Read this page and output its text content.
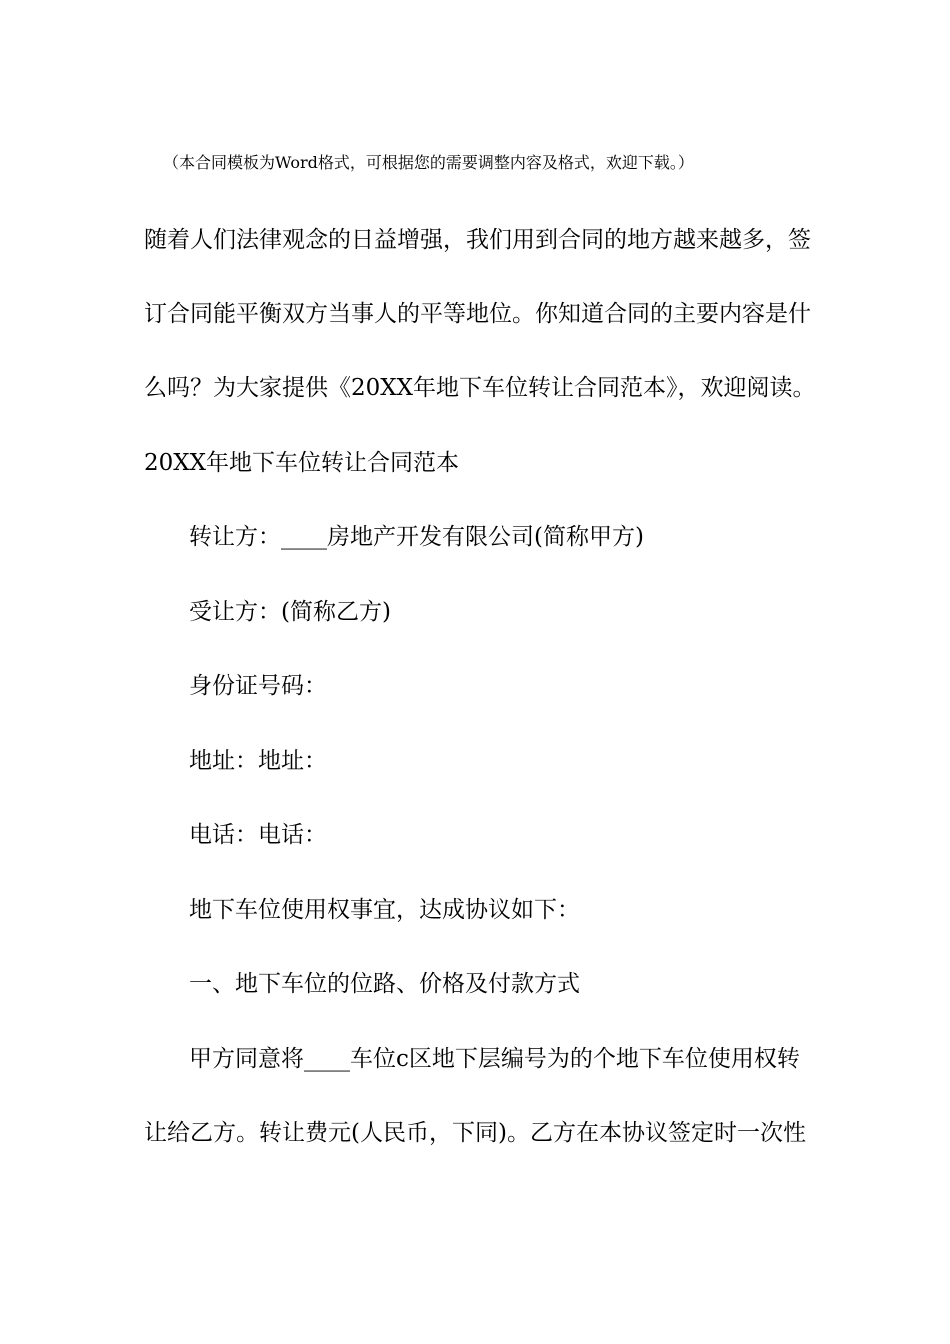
（本合同模板为Word格式，可根据您的需要调整内容及格式，欢迎下载。）
随着人们法律观念的日益增强，我们用到合同的地方越来越多，签
订合同能平衡双方当事人的平等地位。你知道合同的主要内容是什
么吗？为大家提供《20XX年地下车位转让合同范本》，欢迎阅读。
20XX年地下车位转让合同范本
转让方：____房地产开发有限公司(简称甲方)
受让方：(简称乙方)
身份证号码：
地址：地址：
电话：电话：
地下车位使用权事宜，达成协议如下：
一、地下车位的位路、价格及付款方式
甲方同意将____车位c区地下层编号为的个地下车位使用权转
让给乙方。转让费元(人民币，下同)。乙方在本协议签定时一次性
